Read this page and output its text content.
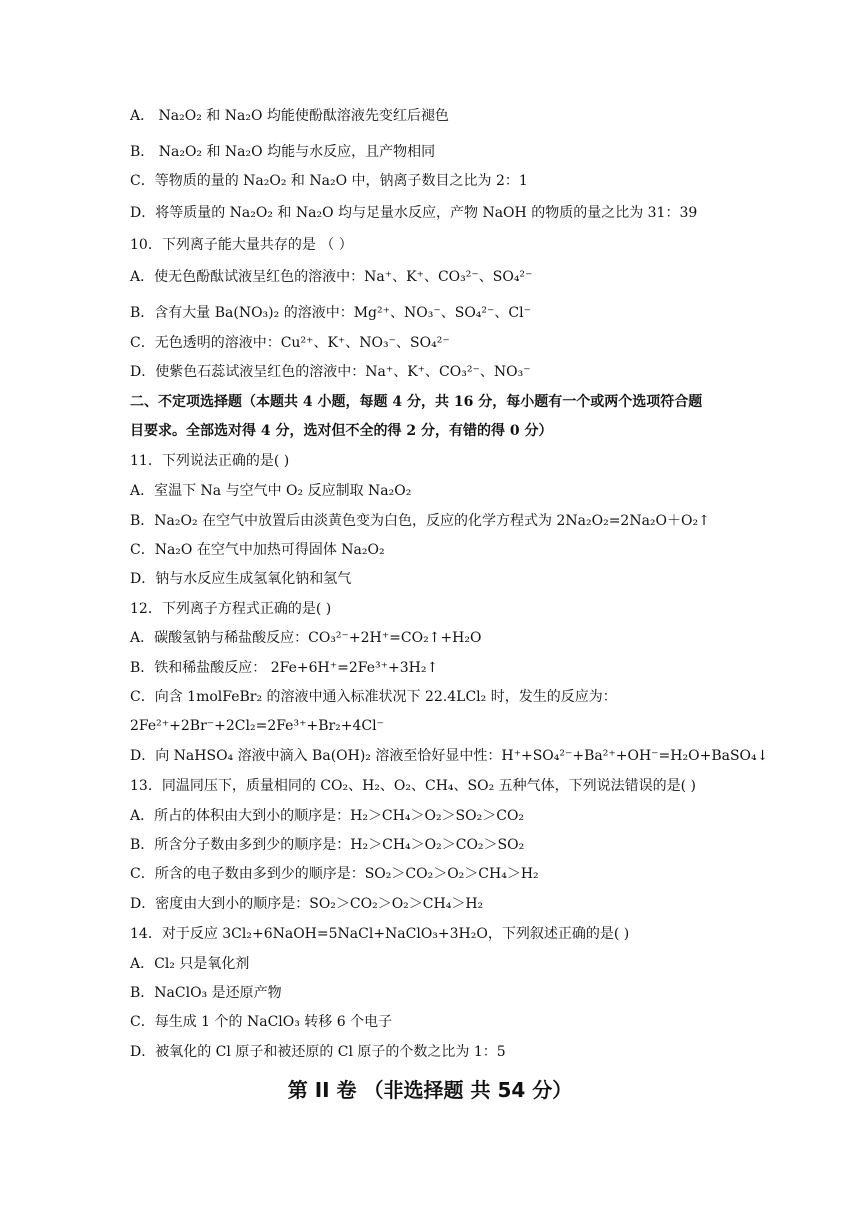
A． Na₂O₂ 和 Na₂O 均能使酚酞溶液先变红后褪色
B． Na₂O₂ 和 Na₂O 均能与水反应，且产物相同
C．等物质的量的 Na₂O₂ 和 Na₂O 中，钠离子数目之比为 2：1
D．将等质量的 Na₂O₂ 和 Na₂O 均与足量水反应，产物 NaOH 的物质的量之比为 31：39
10．下列离子能大量共存的是 （ ）
A．使无色酚酞试液呈红色的溶液中：Na⁺、K⁺、CO₃²⁻、SO₄²⁻
B．含有大量 Ba(NO₃)₂ 的溶液中：Mg²⁺、NO₃⁻、SO₄²⁻、Cl⁻
C．无色透明的溶液中：Cu²⁺、K⁺、NO₃⁻、SO₄²⁻
D．使紫色石蕊试液呈红色的溶液中：Na⁺、K⁺、CO₃²⁻、NO₃⁻
二、不定项选择题（本题共 4 小题，每题 4 分，共 16 分，每小题有一个或两个选项符合题
目要求。全部选对得 4 分，选对但不全的得 2 分，有错的得 0 分）
11．下列说法正确的是( )
A．室温下 Na 与空气中 O₂ 反应制取 Na₂O₂
B．Na₂O₂ 在空气中放置后由淡黄色变为白色，反应的化学方程式为 2Na₂O₂=2Na₂O＋O₂↑
C．Na₂O 在空气中加热可得固体 Na₂O₂
D．钠与水反应生成氢氧化钠和氢气
12．下列离子方程式正确的是( )
A．碳酸氢钠与稀盐酸反应：CO₃²⁻+2H⁺=CO₂↑+H₂O
B．铁和稀盐酸反应： 2Fe+6H⁺=2Fe³⁺+3H₂↑
C．向含 1molFeBr₂ 的溶液中通入标准状况下 22.4LCl₂ 时，发生的反应为：
2Fe²⁺+2Br⁻+2Cl₂=2Fe³⁺+Br₂+4Cl⁻
D．向 NaHSO₄ 溶液中滴入 Ba(OH)₂ 溶液至恰好显中性：H⁺+SO₄²⁻+Ba²⁺+OH⁻=H₂O+BaSO₄↓
13．同温同压下，质量相同的 CO₂、H₂、O₂、CH₄、SO₂ 五种气体，下列说法错误的是( )
A．所占的体积由大到小的顺序是：H₂＞CH₄＞O₂＞SO₂＞CO₂
B．所含分子数由多到少的顺序是：H₂＞CH₄＞O₂＞CO₂＞SO₂
C．所含的电子数由多到少的顺序是：SO₂＞CO₂＞O₂＞CH₄＞H₂
D．密度由大到小的顺序是：SO₂＞CO₂＞O₂＞CH₄＞H₂
14．对于反应 3Cl₂+6NaOH=5NaCl+NaClO₃+3H₂O，下列叙述正确的是( )
A．Cl₂ 只是氧化剂
B．NaClO₃ 是还原产物
C．每生成 1 个的 NaClO₃ 转移 6 个电子
D．被氧化的 Cl 原子和被还原的 Cl 原子的个数之比为 1：5
第 II 卷 （非选择题 共 54 分）
